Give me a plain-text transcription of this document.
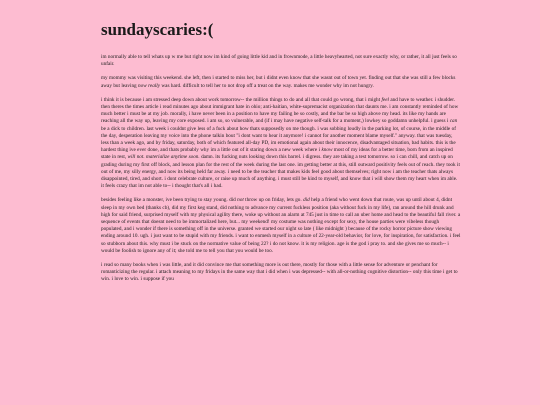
sundayscaries:(

im normally able to tell whats up w me but right now im kind of going little kid and in frownmode, a little heavyhearted, not sure exactly why, or rather, it all just feels so unfair.

my mommy was visiting this weekend. she left, then i started to miss her, but i didnt even know that she wasnt out of town yet. finding out that she was still a few blocks away but leaving now really was hard. difficult to tell her to not drop off a treat on the way. makes me wonder why im not hungry.

i think it is because i am stressed deep down about work tomorrow-- the million things to do and all that could go wrong, that i might feel and have to weather. i shudder. then theres the times article i read minutes ago about immigrant hate in ohio; anti-haitian, white-supremacist organization that daunts me. i am constantly reminded of how much better i must be at my job. morally, i have never been in a position to have my failing be so costly, and the bar be so high above my head. its like my hands are reaching all the way up, leaving my core exposed. i am so, so vulnerable, and (if i may have negative self-talk for a moment,) lowkey so goddamn unhelpful. i guess i can be a dick to children. last week i couldnt give less of a fuck about how thats supposedly on me though. i was sobbing loudly in the parking lot, of course, in the middle of the day, desperation leaving my voice into the phone talkin bout "i dont want to hear it anymore! i cannot for another moment blame myself." anyway. that was tuesday, less than a week ago, and by friday, saturday, both of which featured all-day PD, im emotional again about their innocence, disadvantaged situation, bad habits. this is the hardest thing ive ever done, and thats probably why im a little out of it staring down a new week where i know most of my ideas for a better time, born from an inspired state in rest, will not. materialize anytime soon. damn. its fucking nuts looking down this barrel. i digress. they are taking a test tomorrow. so i can chill, and catch up on grading during my first off block, and lesson plan for the rest of the week during the last one. im getting better at this, still outward positivity feels out of reach. they took it out of me, my silly energy, and now its being held far away. i need to be the teacher that makes kids feel good about themselves; right now i am the teacher thats always disappointed, tired, and short. i dont celebrate culture, or raise up much of anything. i must still be kind to myself, and know that i will show them my heart when im able. it feels crazy that im not able to-- i thought that's all i had.

besides feeling like a monster, ive been trying to stay young. did not throw up on friday, lets go. did help a friend who went down that route, was up until about 4, didnt sleep in my own bed (thanks cb), did my first keg stand, did nothing to advance my current fuckless position (aka without fuck in my life), ran around the hill drunk and high for said friend, surprised myself with my physical agility there, woke up without an alarm at 745 just in time to call an uber home and head to the beautiful fall river. a sequence of events that doesnt need to be immortalized here, but... my weekend! my costume was nothing except for sexy, the house parties were vibeless though populated, and i wonder if there is something off in the universe. granted we started our night so late ( like midnight ) because of the rocky horror picture show viewing ending around 10. ugh. i just want to be stupid with my friends. i want to enmesh myself in a culture of 22-year-old behavior, for love, for inspiration, for satisfaction. i feel so stubborn about this. why must i be stuck on the normative value of being 22? i do not know. it is my religion. age is the god i pray to. and she gives me so much-- i would be foolish to ignore any of it; she told me to tell you that you would be too.

i read so many books when i was little, and it did convince me that something more is out there, mostly for those with a little sense for adventure or penchant for romanticizing the regular. i attach meaning to my fridays in the same way that i did when i was depressed-- with all-or-nothing cognitive distortion-- only this time i get to win. i love to win. i suppose if you
